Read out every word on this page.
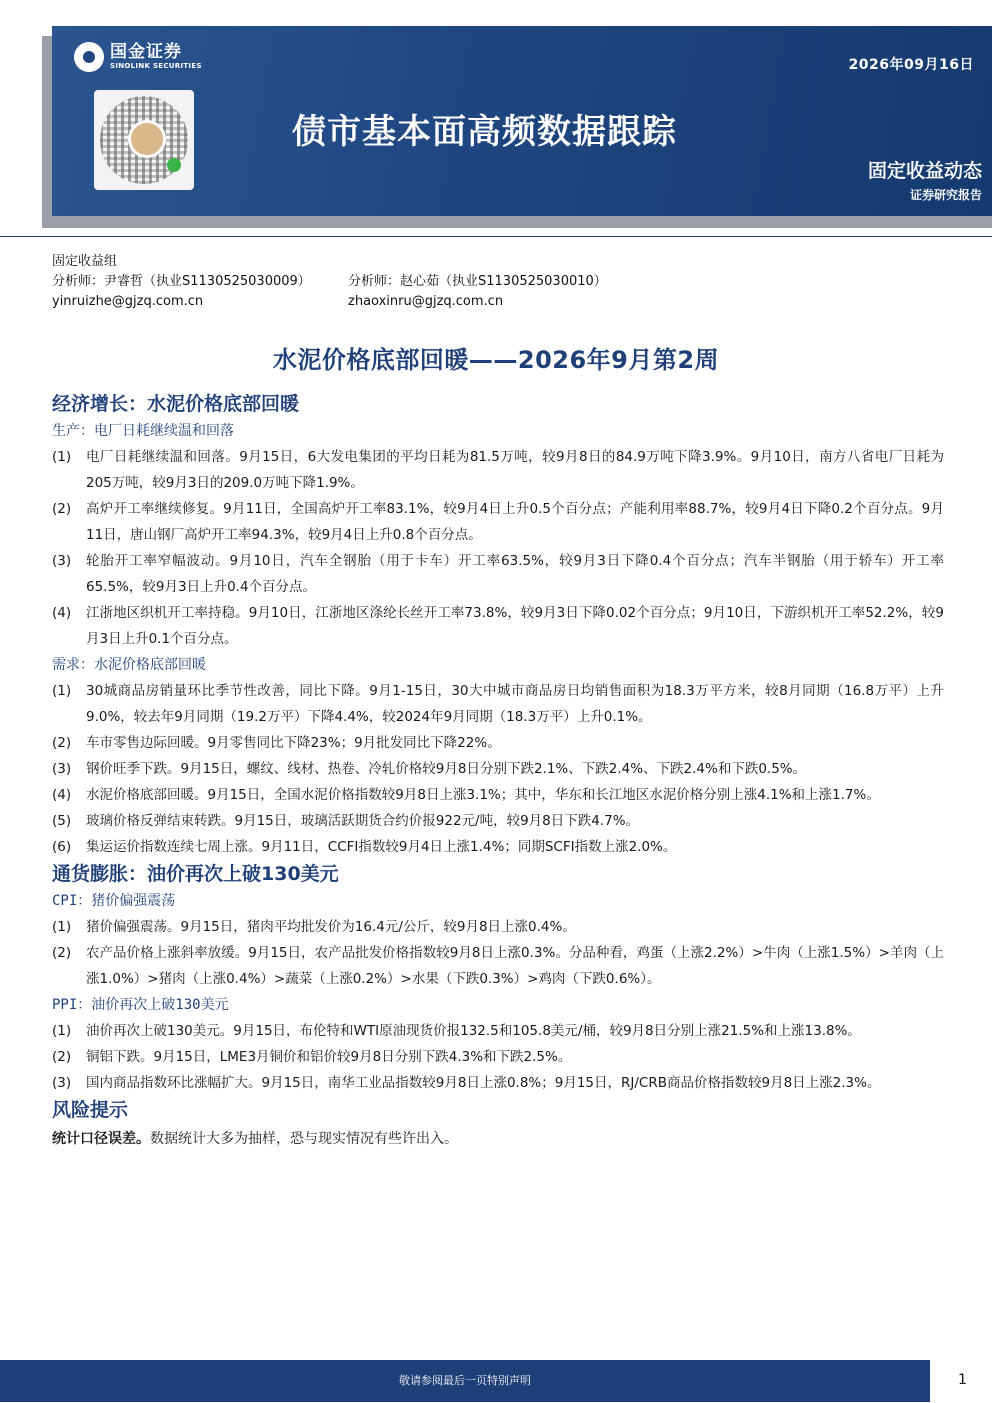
国金证券
SINOLINK SECURITIES	2026年09月16日
债市基本面高频数据跟踪
固定收益动态
证券研究报告
固定收益组
分析师：尹睿哲（执业S1130525030009）	分析师：赵心茹（执业S1130525030010）
yinruizhe@gjzq.com.cn	zhaoxinru@gjzq.com.cn
水泥价格底部回暖——2026年9月第2周
经济增长：水泥价格底部回暖
生产：电厂日耗继续温和回落
(1)	电厂日耗继续温和回落。9月15日，6大发电集团的平均日耗为81.5万吨，较9月8日的84.9万吨下降3.9%。9月10日，南方八省电厂日耗为205万吨，较9月3日的209.0万吨下降1.9%。
(2)	高炉开工率继续修复。9月11日，全国高炉开工率83.1%，较9月4日上升0.5个百分点；产能利用率88.7%，较9月4日下降0.2个百分点。9月11日，唐山钢厂高炉开工率94.3%，较9月4日上升0.8个百分点。
(3)	轮胎开工率窄幅波动。9月10日，汽车全钢胎（用于卡车）开工率63.5%，较9月3日下降0.4个百分点；汽车半钢胎（用于轿车）开工率65.5%，较9月3日上升0.4个百分点。
(4)	江浙地区织机开工率持稳。9月10日，江浙地区涤纶长丝开工率73.8%，较9月3日下降0.02个百分点；9月10日，下游织机开工率52.2%，较9月3日上升0.1个百分点。
需求：水泥价格底部回暖
(1)	30城商品房销量环比季节性改善，同比下降。9月1-15日，30大中城市商品房日均销售面积为18.3万平方米，较8月同期（16.8万平）上升9.0%，较去年9月同期（19.2万平）下降4.4%，较2024年9月同期（18.3万平）上升0.1%。
(2)	车市零售边际回暖。9月零售同比下降23%；9月批发同比下降22%。
(3)	钢价旺季下跌。9月15日，螺纹、线材、热卷、冷轧价格较9月8日分别下跌2.1%、下跌2.4%、下跌2.4%和下跌0.5%。
(4)	水泥价格底部回暖。9月15日，全国水泥价格指数较9月8日上涨3.1%；其中，华东和长江地区水泥价格分别上涨4.1%和上涨1.7%。
(5)	玻璃价格反弹结束转跌。9月15日，玻璃活跃期货合约价报922元/吨，较9月8日下跌4.7%。
(6)	集运运价指数连续七周上涨。9月11日，CCFI指数较9月4日上涨1.4%；同期SCFI指数上涨2.0%。
通货膨胀：油价再次上破130美元
CPI：猪价偏强震荡
(1)	猪价偏强震荡。9月15日，猪肉平均批发价为16.4元/公斤，较9月8日上涨0.4%。
(2)	农产品价格上涨斜率放缓。9月15日，农产品批发价格指数较9月8日上涨0.3%。分品种看，鸡蛋（上涨2.2%）>牛肉（上涨1.5%）>羊肉（上涨1.0%）>猪肉（上涨0.4%）>蔬菜（上涨0.2%）>水果（下跌0.3%）>鸡肉（下跌0.6%）。
PPI：油价再次上破130美元
(1)	油价再次上破130美元。9月15日，布伦特和WTI原油现货价报132.5和105.8美元/桶，较9月8日分别上涨21.5%和上涨13.8%。
(2)	铜铝下跌。9月15日，LME3月铜价和铝价较9月8日分别下跌4.3%和下跌2.5%。
(3)	国内商品指数环比涨幅扩大。9月15日，南华工业品指数较9月8日上涨0.8%；9月15日，RJ/CRB商品价格指数较9月8日上涨2.3%。
风险提示
统计口径误差。数据统计大多为抽样，恐与现实情况有些许出入。
敬请参阅最后一页特别声明	1
